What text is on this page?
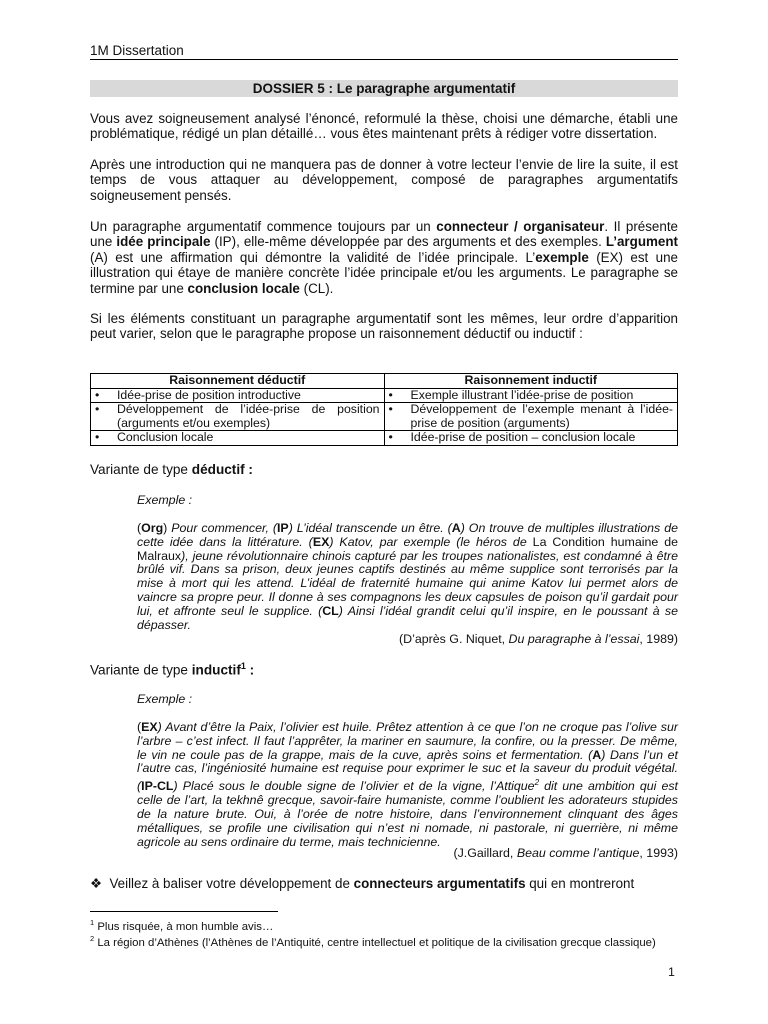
1M Dissertation
DOSSIER 5 : Le paragraphe argumentatif
Vous avez soigneusement analysé l’énoncé, reformulé la thèse, choisi une démarche, établi une problématique, rédigé un plan détaillé… vous êtes maintenant prêts à rédiger votre dissertation.
Après une introduction qui ne manquera pas de donner à votre lecteur l’envie de lire la suite, il est temps de vous attaquer au développement, composé de paragraphes argumentatifs soigneusement pensés.
Un paragraphe argumentatif commence toujours par un connecteur / organisateur. Il présente une idée principale (IP), elle-même développée par des arguments et des exemples. L’argument (A) est une affirmation qui démontre la validité de l’idée principale. L’exemple (EX) est une illustration qui étaye de manière concrète l’idée principale et/ou les arguments. Le paragraphe se termine par une conclusion locale (CL).
Si les éléments constituant un paragraphe argumentatif sont les mêmes, leur ordre d’apparition peut varier, selon que le paragraphe propose un raisonnement déductif ou inductif :
Raisonnement déductif	Raisonnement inductif

• Idée-prise de position introductive	• Exemple illustrant l’idée-prise de position

• Développement de l’idée-prise de position (arguments et/ou exemples)	• Développement de l’exemple menant à l’idée-prise de position (arguments)

• Conclusion locale	• Idée-prise de position – conclusion locale
Variante de type déductif :
Exemple :
(Org) Pour commencer, (IP) L’idéal transcende un être. (A) On trouve de multiples illustrations de cette idée dans la littérature. (EX) Katov, par exemple (le héros de La Condition humaine de Malraux), jeune révolutionnaire chinois capturé par les troupes nationalistes, est condamné à être brûlé vif. Dans sa prison, deux jeunes captifs destinés au même supplice sont terrorisés par la mise à mort qui les attend. L’idéal de fraternité humaine qui anime Katov lui permet alors de vaincre sa propre peur. Il donne à ses compagnons les deux capsules de poison qu’il gardait pour lui, et affronte seul le supplice. (CL) Ainsi l’idéal grandit celui qu’il inspire, en le poussant à se dépasser.
(D’après G. Niquet, Du paragraphe à l’essai, 1989)
Variante de type inductif$^1$ :
Exemple :
(EX) Avant d’être la Paix, l’olivier est huile. Prêtez attention à ce que l’on ne croque pas l’olive sur l’arbre – c’est infect. Il faut l’apprêter, la mariner en saumure, la confire, ou la presser. De même, le vin ne coule pas de la grappe, mais de la cuve, après soins et fermentation. (A) Dans l’un et l’autre cas, l’ingéniosité humaine est requise pour exprimer le suc et la saveur du produit végétal. (IP-CL) Placé sous le double signe de l’olivier et de la vigne, l’Attique$^2$ dit une ambition qui est celle de l’art, la tekhnê grecque, savoir-faire humaniste, comme l’oublient les adorateurs stupides de la nature brute. Oui, à l’orée de notre histoire, dans l’environnement clinquant des âges métalliques, se profile une civilisation qui n’est ni nomade, ni pastorale, ni guerrière, ni même agricole au sens ordinaire du terme, mais technicienne.
(J.Gaillard, Beau comme l’antique, 1993)
❖  Veillez à baliser votre développement de connecteurs argumentatifs qui en montreront
$^1$ Plus risquée, à mon humble avis…
$^2$ La région d’Athènes (l’Athènes de l’Antiquité, centre intellectuel et politique de la civilisation grecque classique)
1
